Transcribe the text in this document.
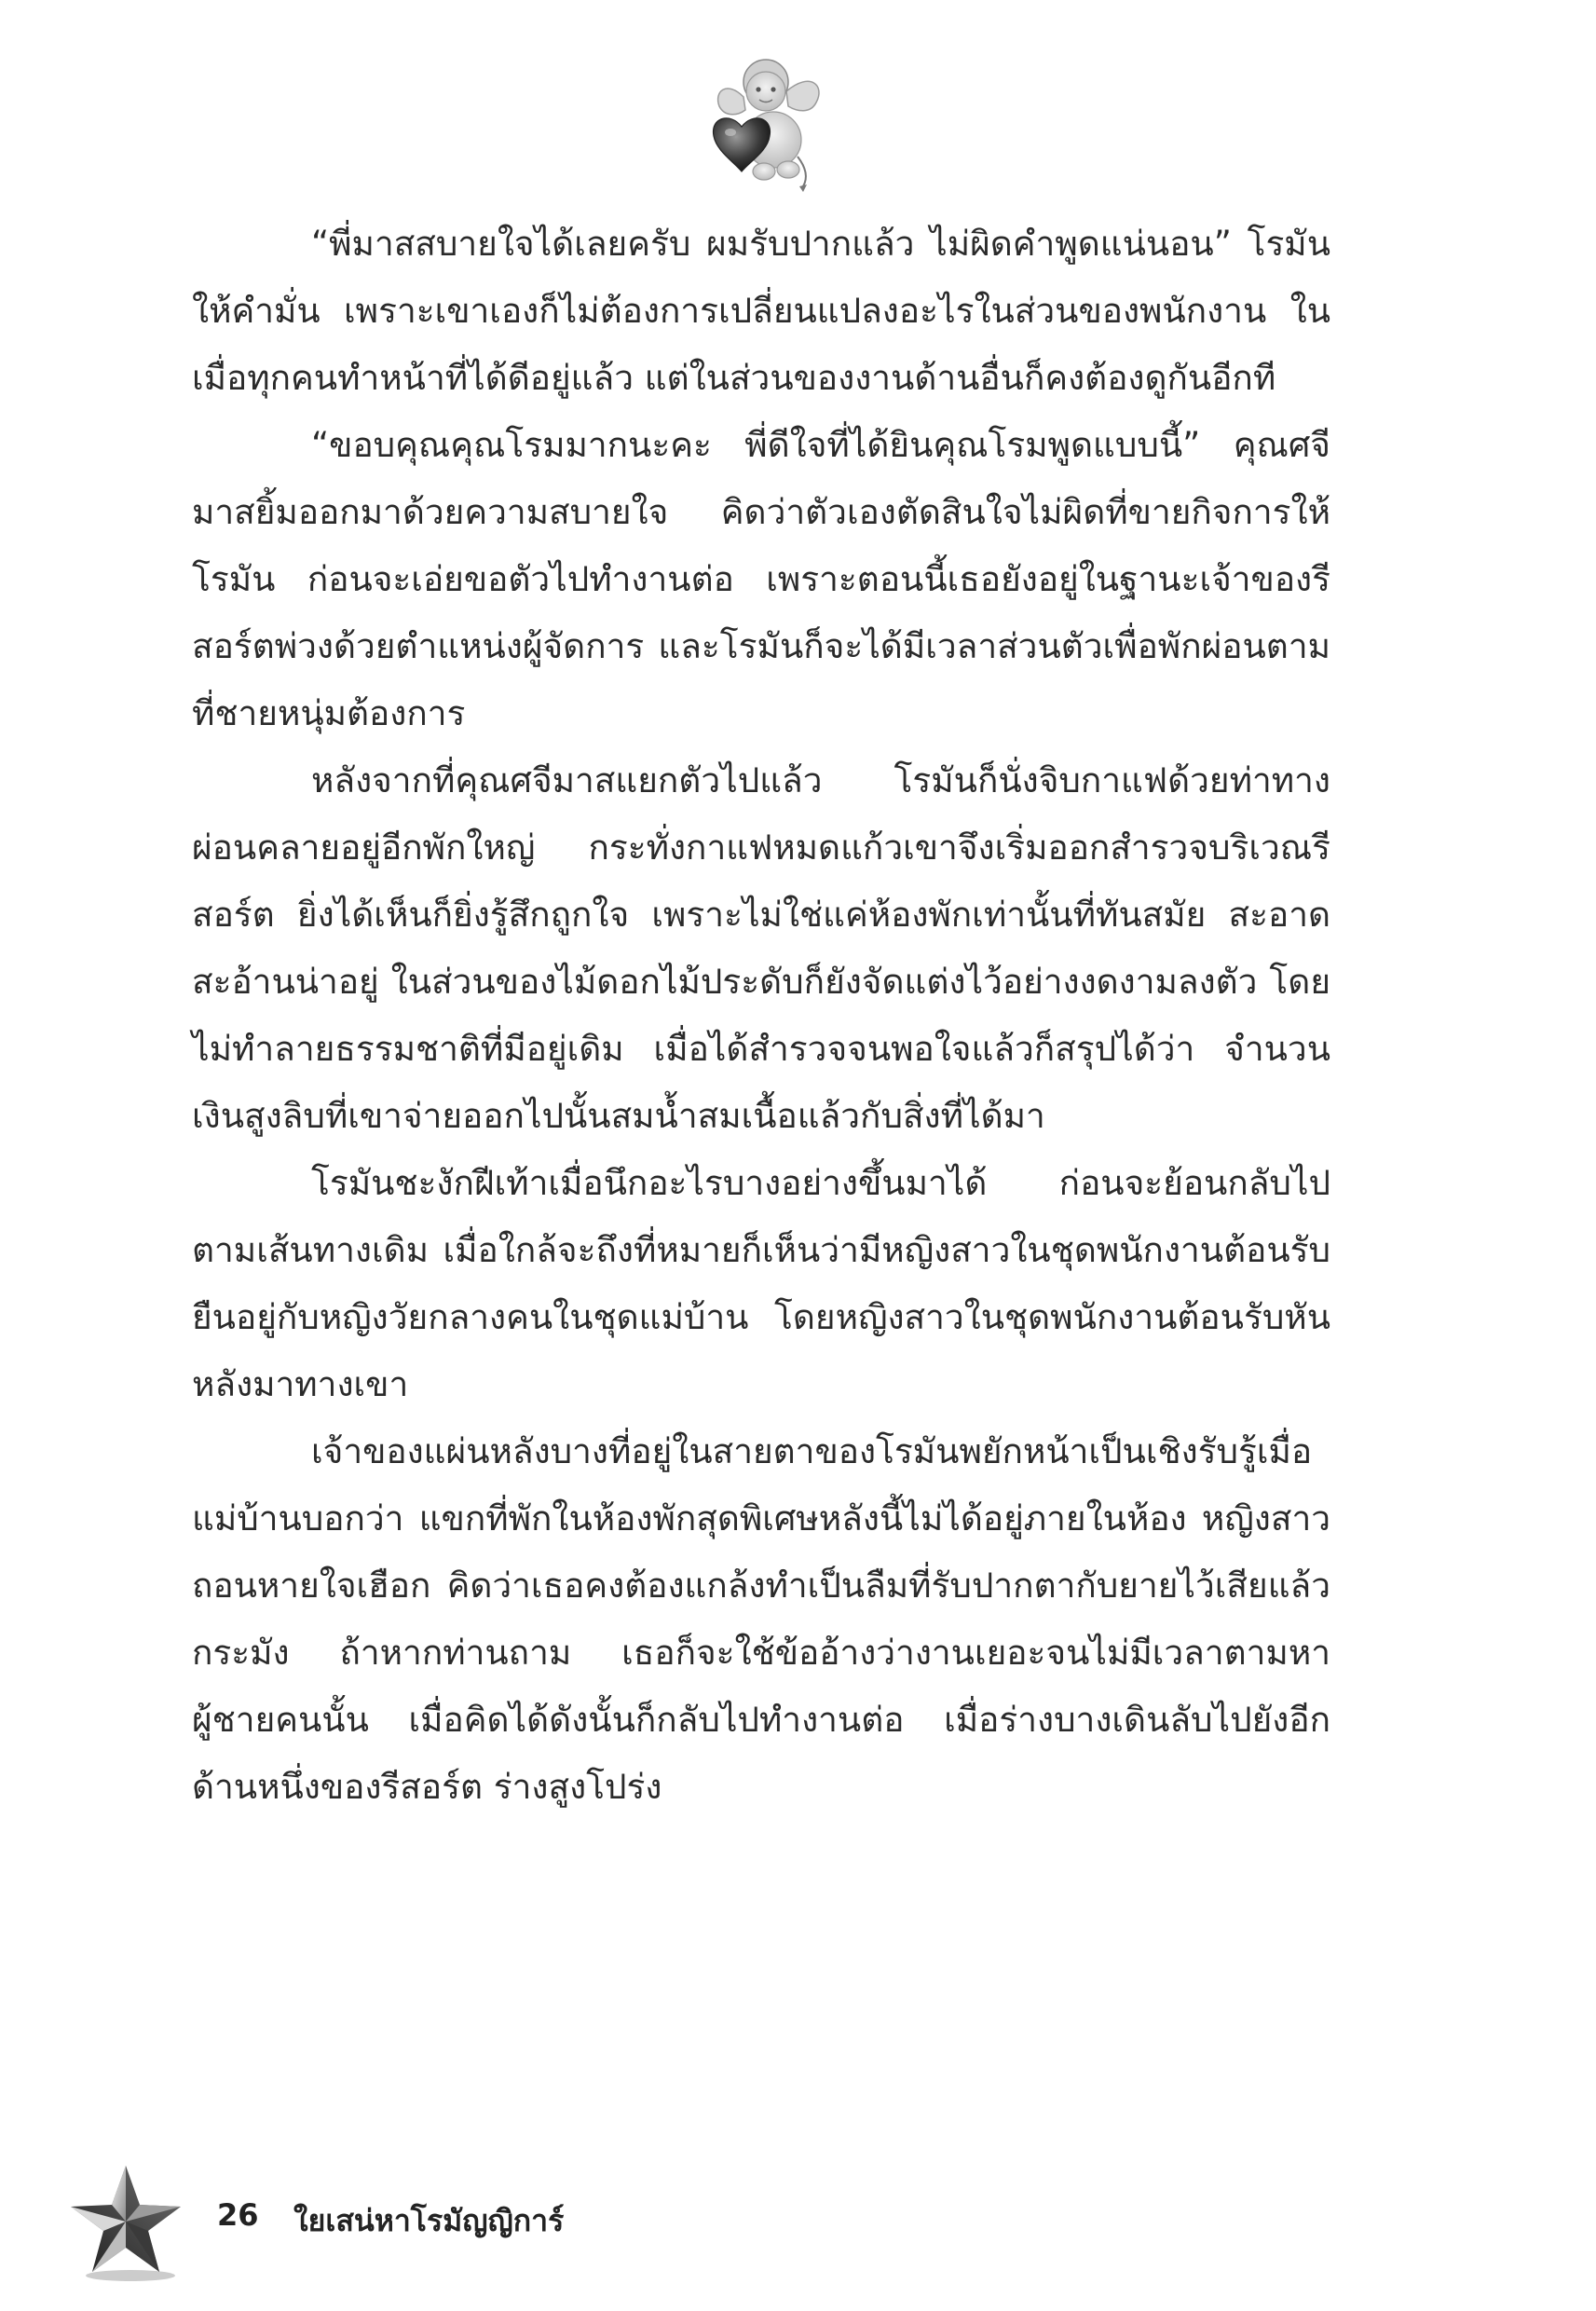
“พี่มาสสบายใจได้เลยครับ ผมรับปากแล้ว ไม่ผิดคำพูดแน่นอน” โรมันให้คำมั่น เพราะเขาเองก็ไม่ต้องการเปลี่ยนแปลงอะไรในส่วนของพนักงาน ในเมื่อทุกคนทำหน้าที่ได้ดีอยู่แล้ว แต่ในส่วนของงานด้านอื่นก็คงต้องดูกันอีกที

“ขอบคุณคุณโรมมากนะคะ พี่ดีใจที่ได้ยินคุณโรมพูดแบบนี้” คุณศจีมาสยิ้มออกมาด้วยความสบายใจ คิดว่าตัวเองตัดสินใจไม่ผิดที่ขายกิจการให้โรมัน ก่อนจะเอ่ยขอตัวไปทำงานต่อ เพราะตอนนี้เธอยังอยู่ในฐานะเจ้าของรีสอร์ตพ่วงด้วยตำแหน่งผู้จัดการ และโรมันก็จะได้มีเวลาส่วนตัวเพื่อพักผ่อนตามที่ชายหนุ่มต้องการ

หลังจากที่คุณศจีมาสแยกตัวไปแล้ว โรมันก็นั่งจิบกาแฟด้วยท่าทางผ่อนคลายอยู่อีกพักใหญ่ กระทั่งกาแฟหมดแก้วเขาจึงเริ่มออกสำรวจบริเวณรีสอร์ต ยิ่งได้เห็นก็ยิ่งรู้สึกถูกใจ เพราะไม่ใช่แค่ห้องพักเท่านั้นที่ทันสมัย สะอาดสะอ้านน่าอยู่ ในส่วนของไม้ดอกไม้ประดับก็ยังจัดแต่งไว้อย่างงดงามลงตัว โดยไม่ทำลายธรรมชาติที่มีอยู่เดิม เมื่อได้สำรวจจนพอใจแล้วก็สรุปได้ว่า จำนวนเงินสูงลิบที่เขาจ่ายออกไปนั้นสมน้ำสมเนื้อแล้วกับสิ่งที่ได้มา

โรมันชะงักฝีเท้าเมื่อนึกอะไรบางอย่างขึ้นมาได้ ก่อนจะย้อนกลับไปตามเส้นทางเดิม เมื่อใกล้จะถึงที่หมายก็เห็นว่ามีหญิงสาวในชุดพนักงานต้อนรับยืนอยู่กับหญิงวัยกลางคนในชุดแม่บ้าน โดยหญิงสาวในชุดพนักงานต้อนรับหันหลังมาทางเขา

เจ้าของแผ่นหลังบางที่อยู่ในสายตาของโรมันพยักหน้าเป็นเชิงรับรู้เมื่อแม่บ้านบอกว่า แขกที่พักในห้องพักสุดพิเศษหลังนี้ไม่ได้อยู่ภายในห้อง หญิงสาวถอนหายใจเฮือก คิดว่าเธอคงต้องแกล้งทำเป็นลืมที่รับปากตากับยายไว้เสียแล้วกระมัง ถ้าหากท่านถาม เธอก็จะใช้ข้ออ้างว่างานเยอะจนไม่มีเวลาตามหาผู้ชายคนนั้น เมื่อคิดได้ดังนั้นก็กลับไปทำงานต่อ เมื่อร่างบางเดินลับไปยังอีกด้านหนึ่งของรีสอร์ต ร่างสูงโปร่ง

26 ใยเสน่หาโรมัญญิการ์
